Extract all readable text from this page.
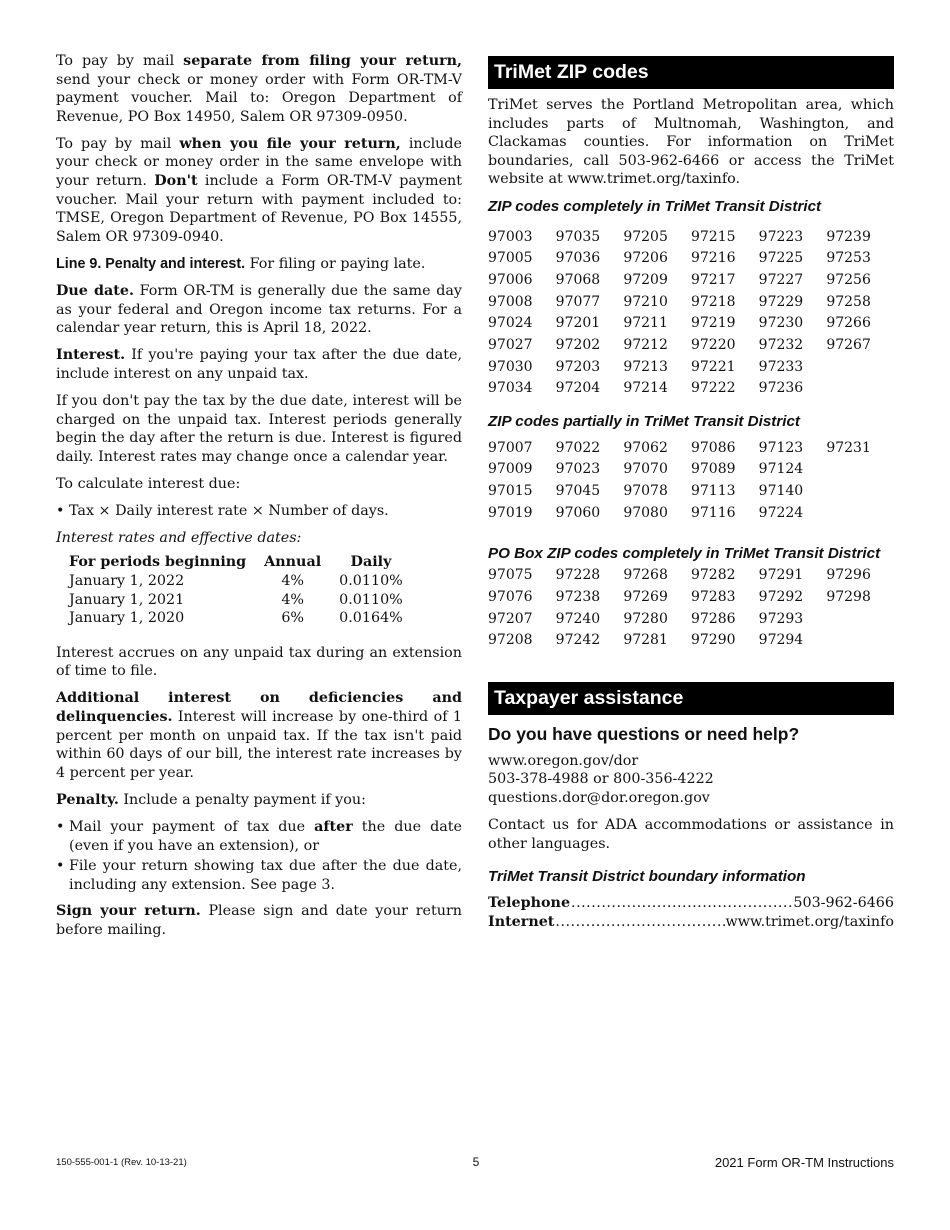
To pay by mail separate from filing your return, send your check or money order with Form OR-TM-V payment voucher. Mail to: Oregon Department of Revenue, PO Box 14950, Salem OR 97309-0950.

To pay by mail when you file your return, include your check or money order in the same envelope with your return. Don't include a Form OR-TM-V payment voucher. Mail your return with payment included to: TMSE, Oregon Department of Revenue, PO Box 14555, Salem OR 97309-0940.

Line 9. Penalty and interest. For filing or paying late.

Due date. Form OR-TM is generally due the same day as your federal and Oregon income tax returns. For a calendar year return, this is April 18, 2022.

Interest. If you're paying your tax after the due date, include interest on any unpaid tax.

If you don't pay the tax by the due date, interest will be charged on the unpaid tax. Interest periods generally begin the day after the return is due. Interest is figured daily. Interest rates may change once a calendar year.

To calculate interest due:

• Tax × Daily interest rate × Number of days.

Interest rates and effective dates:

For periods beginning	Annual	Daily
January 1, 2022	4%	0.0110%
January 1, 2021	4%	0.0110%
January 1, 2020	6%	0.0164%

Interest accrues on any unpaid tax during an extension of time to file.

Additional interest on deficiencies and delinquencies. Interest will increase by one-third of 1 percent per month on unpaid tax. If the tax isn't paid within 60 days of our bill, the interest rate increases by 4 percent per year.

Penalty. Include a penalty payment if you:

• Mail your payment of tax due after the due date (even if you have an extension), or
• File your return showing tax due after the due date, including any extension. See page 3.

Sign your return. Please sign and date your return before mailing.

TriMet ZIP codes

TriMet serves the Portland Metropolitan area, which includes parts of Multnomah, Washington, and Clackamas counties. For information on TriMet boundaries, call 503-962-6466 or access the TriMet website at www.trimet.org/taxinfo.

ZIP codes completely in TriMet Transit District

97003	97035	97205	97215	97223	97239
97005	97036	97206	97216	97225	97253
97006	97068	97209	97217	97227	97256
97008	97077	97210	97218	97229	97258
97024	97201	97211	97219	97230	97266
97027	97202	97212	97220	97232	97267
97030	97203	97213	97221	97233
97034	97204	97214	97222	97236

ZIP codes partially in TriMet Transit District

97007	97022	97062	97086	97123	97231
97009	97023	97070	97089	97124
97015	97045	97078	97113	97140
97019	97060	97080	97116	97224

PO Box ZIP codes completely in TriMet Transit District

97075	97228	97268	97282	97291	97296
97076	97238	97269	97283	97292	97298
97207	97240	97280	97286	97293
97208	97242	97281	97290	97294
Taxpayer assistance

Do you have questions or need help?

www.oregon.gov/dor

503-378-4988 or 800-356-4222

questions.dor@dor.oregon.gov

Contact us for ADA accommodations or assistance in other languages.

TriMet Transit District boundary information

Telephone .....	503-962-6466
Internet .....	www.trimet.org/taxinfo
150-555-001-1 (Rev. 10-13-21)	5	2021 Form OR-TM Instructions
